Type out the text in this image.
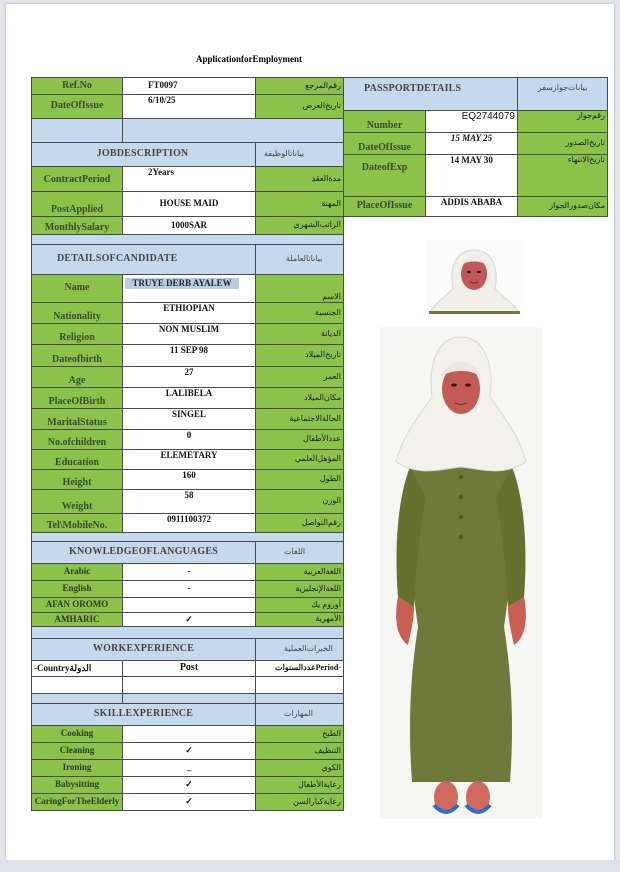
ApplicationforEmployment
Ref.No	FT0097	رقم‌المرجع
DateOfIssue	6/10/25	تاريخ‌العرض

JOBDESCRIPTION		بياناتالوظيفة
ContractPeriod	2Years	مدةالعقد
PostApplied	HOUSE MAID	المهنة
MonthlySalary	1000SAR	الراتب‌الشهري

DETAILSOFCANDIDATE		بياناتالعاملة
Name	TRUYE DERB AYALEW	الاسم
Nationality	ETHIOPIAN	الجنسية
Religion	NON MUSLIM	الديانة
Dateofbirth	11 SEP 98	تاريخ‌الميلاد
Age	27	العمر
PlaceOfBirth	LALIBELA	مكان‌الميلاد
MaritalStatus	SINGEL	الحالة‌الاجتماعية
No.ofchildren	0	عددالأطفال
Education	ELEMETARY	المؤهل‌العلمي
Height	160	الطول
Weight	58	الوزن
Tel\MobileNo.	0911100372	رقم‌التواصل

KNOWLEDGEOFLANGUAGES		اللغات
Arabic	-	اللغة‌العربية
English	-	اللغة‌الإنجليزية
AFAN OROMO		أوروم يك
AMHARIC	✓	الأمهرية

WORKEXPERIENCE		الخبرات‌العملية
-Countryالدولة	Post	عددالسنوات‌Period-

SKILLEXPERIENCE		المهارات
Cooking		الطبخ
Cleaning	✓	التنظيف
Ironing	_	الكوي
Babysitting	✓	رعاية‌الأطفال
CaringForTheElderly	✓	رعاية‌كبار‌السن
PASSPORTDETAILS		بيانات‌جواز‌سفر
Number	EQ2744079	رقم‌جواز
DateOfIssue	15 MAY 25	تاريخ‌الصدور
DateofExp	14 MAY 30	تاريخ‌الانتهاء
PlaceOfIssue	ADDIS ABABA	مكان‌صدور‌الجواز
